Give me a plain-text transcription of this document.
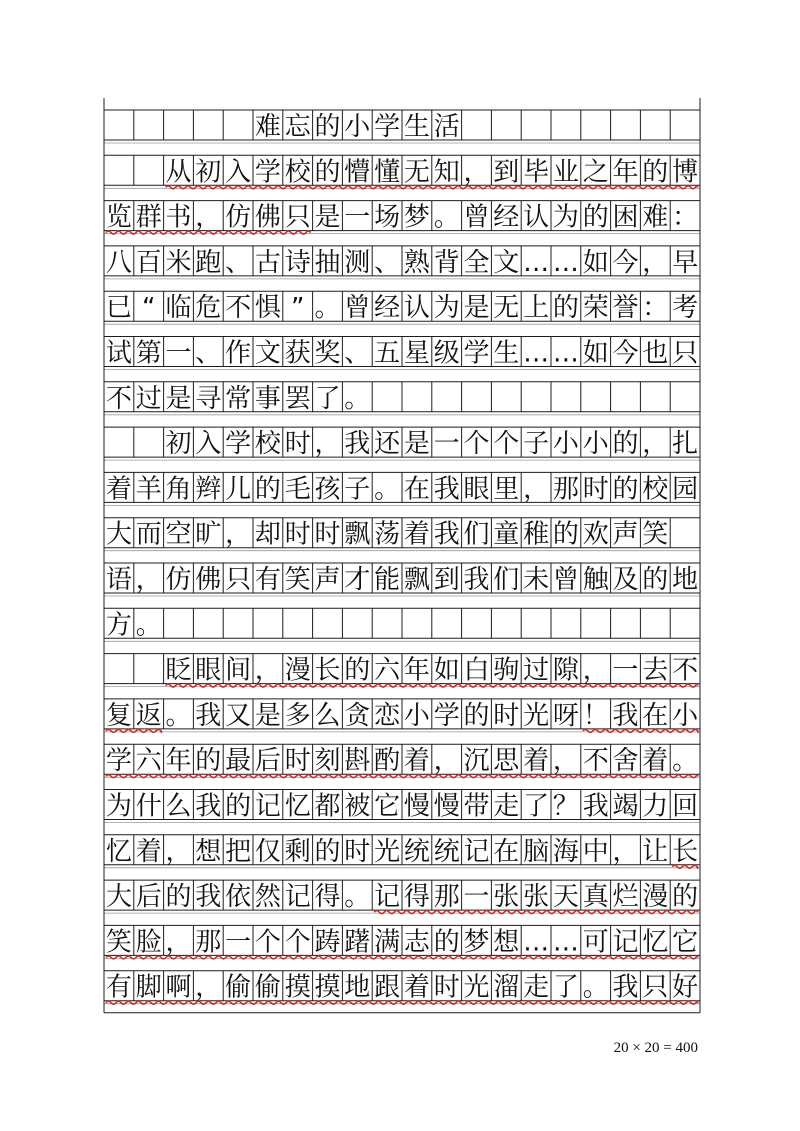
难 忘 的 小 学 生 活
从 初 入 学 校 的 懵 懂 无 知 ， 到 毕 业 之 年 的 博
览 群 书 ， 仿 佛 只 是 一 场 梦 。 曾 经 认 为 的 困 难 ：
八 百 米 跑 、 古 诗 抽 测 、 熟 背 全 文 … … 如 今 ， 早
已 “ 临 危 不 惧 ” 。 曾 经 认 为 是 无 上 的 荣 誉 ： 考
试 第 一 、 作 文 获 奖 、 五 星 级 学 生 … … 如 今 也 只
不 过 是 寻 常 事 罢 了 。
初 入 学 校 时 ， 我 还 是 一 个 个 子 小 小 的 ， 扎
着 羊 角 辫 儿 的 毛 孩 子 。 在 我 眼 里 ， 那 时 的 校 园
大 而 空 旷 ， 却 时 时 飘 荡 着 我 们 童 稚 的 欢 声 笑
语 ， 仿 佛 只 有 笑 声 才 能 飘 到 我 们 未 曾 触 及 的 地
方 。
眨 眼 间 ， 漫 长 的 六 年 如 白 驹 过 隙 ， 一 去 不
复 返 。 我 又 是 多 么 贪 恋 小 学 的 时 光 呀 ！ 我 在 小
学 六 年 的 最 后 时 刻 斟 酌 着 ， 沉 思 着 ， 不 舍 着 。
为 什 么 我 的 记 忆 都 被 它 慢 慢 带 走 了 ？ 我 竭 力 回
忆 着 ， 想 把 仅 剩 的 时 光 统 统 记 在 脑 海 中 ， 让 长
大 后 的 我 依 然 记 得 。 记 得 那 一 张 张 天 真 烂 漫 的
笑 脸 ， 那 一 个 个 踌 躇 满 志 的 梦 想 … … 可 记 忆 它
有 脚 啊 ， 偷 偷 摸 摸 地 跟 着 时 光 溜 走 了 。 我 只 好
20 × 20 = 400
